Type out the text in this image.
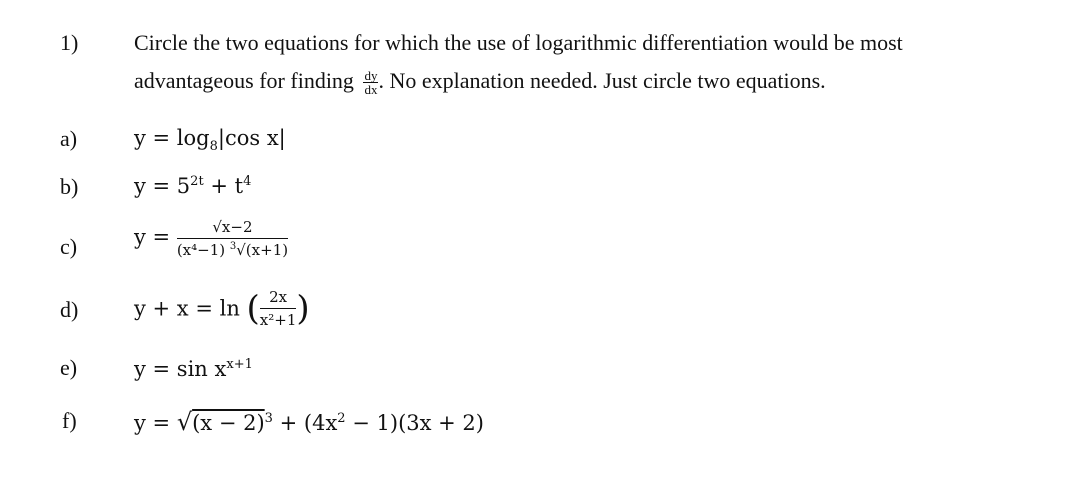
1)	Circle the two equations for which the use of logarithmic differentiation would be most
advantageous for finding $\frac{dy}{dx}$ . No explanation needed. Just circle two equations.
a)
b)
c)
d)
e)
f)
$y = \log_8|\cos$ x|
$y = 5^{2t} + t^4$
$y = \frac{√x-2}{(x^4-1) ^3√(x+1)}$
y + x = ln ( $\frac{2x}{\text{x²+1}}$ )
$y = \sin x^{x+1}$
$y = √(x - 2)^3 + (4x^2 - 1)(3x + 2)$
